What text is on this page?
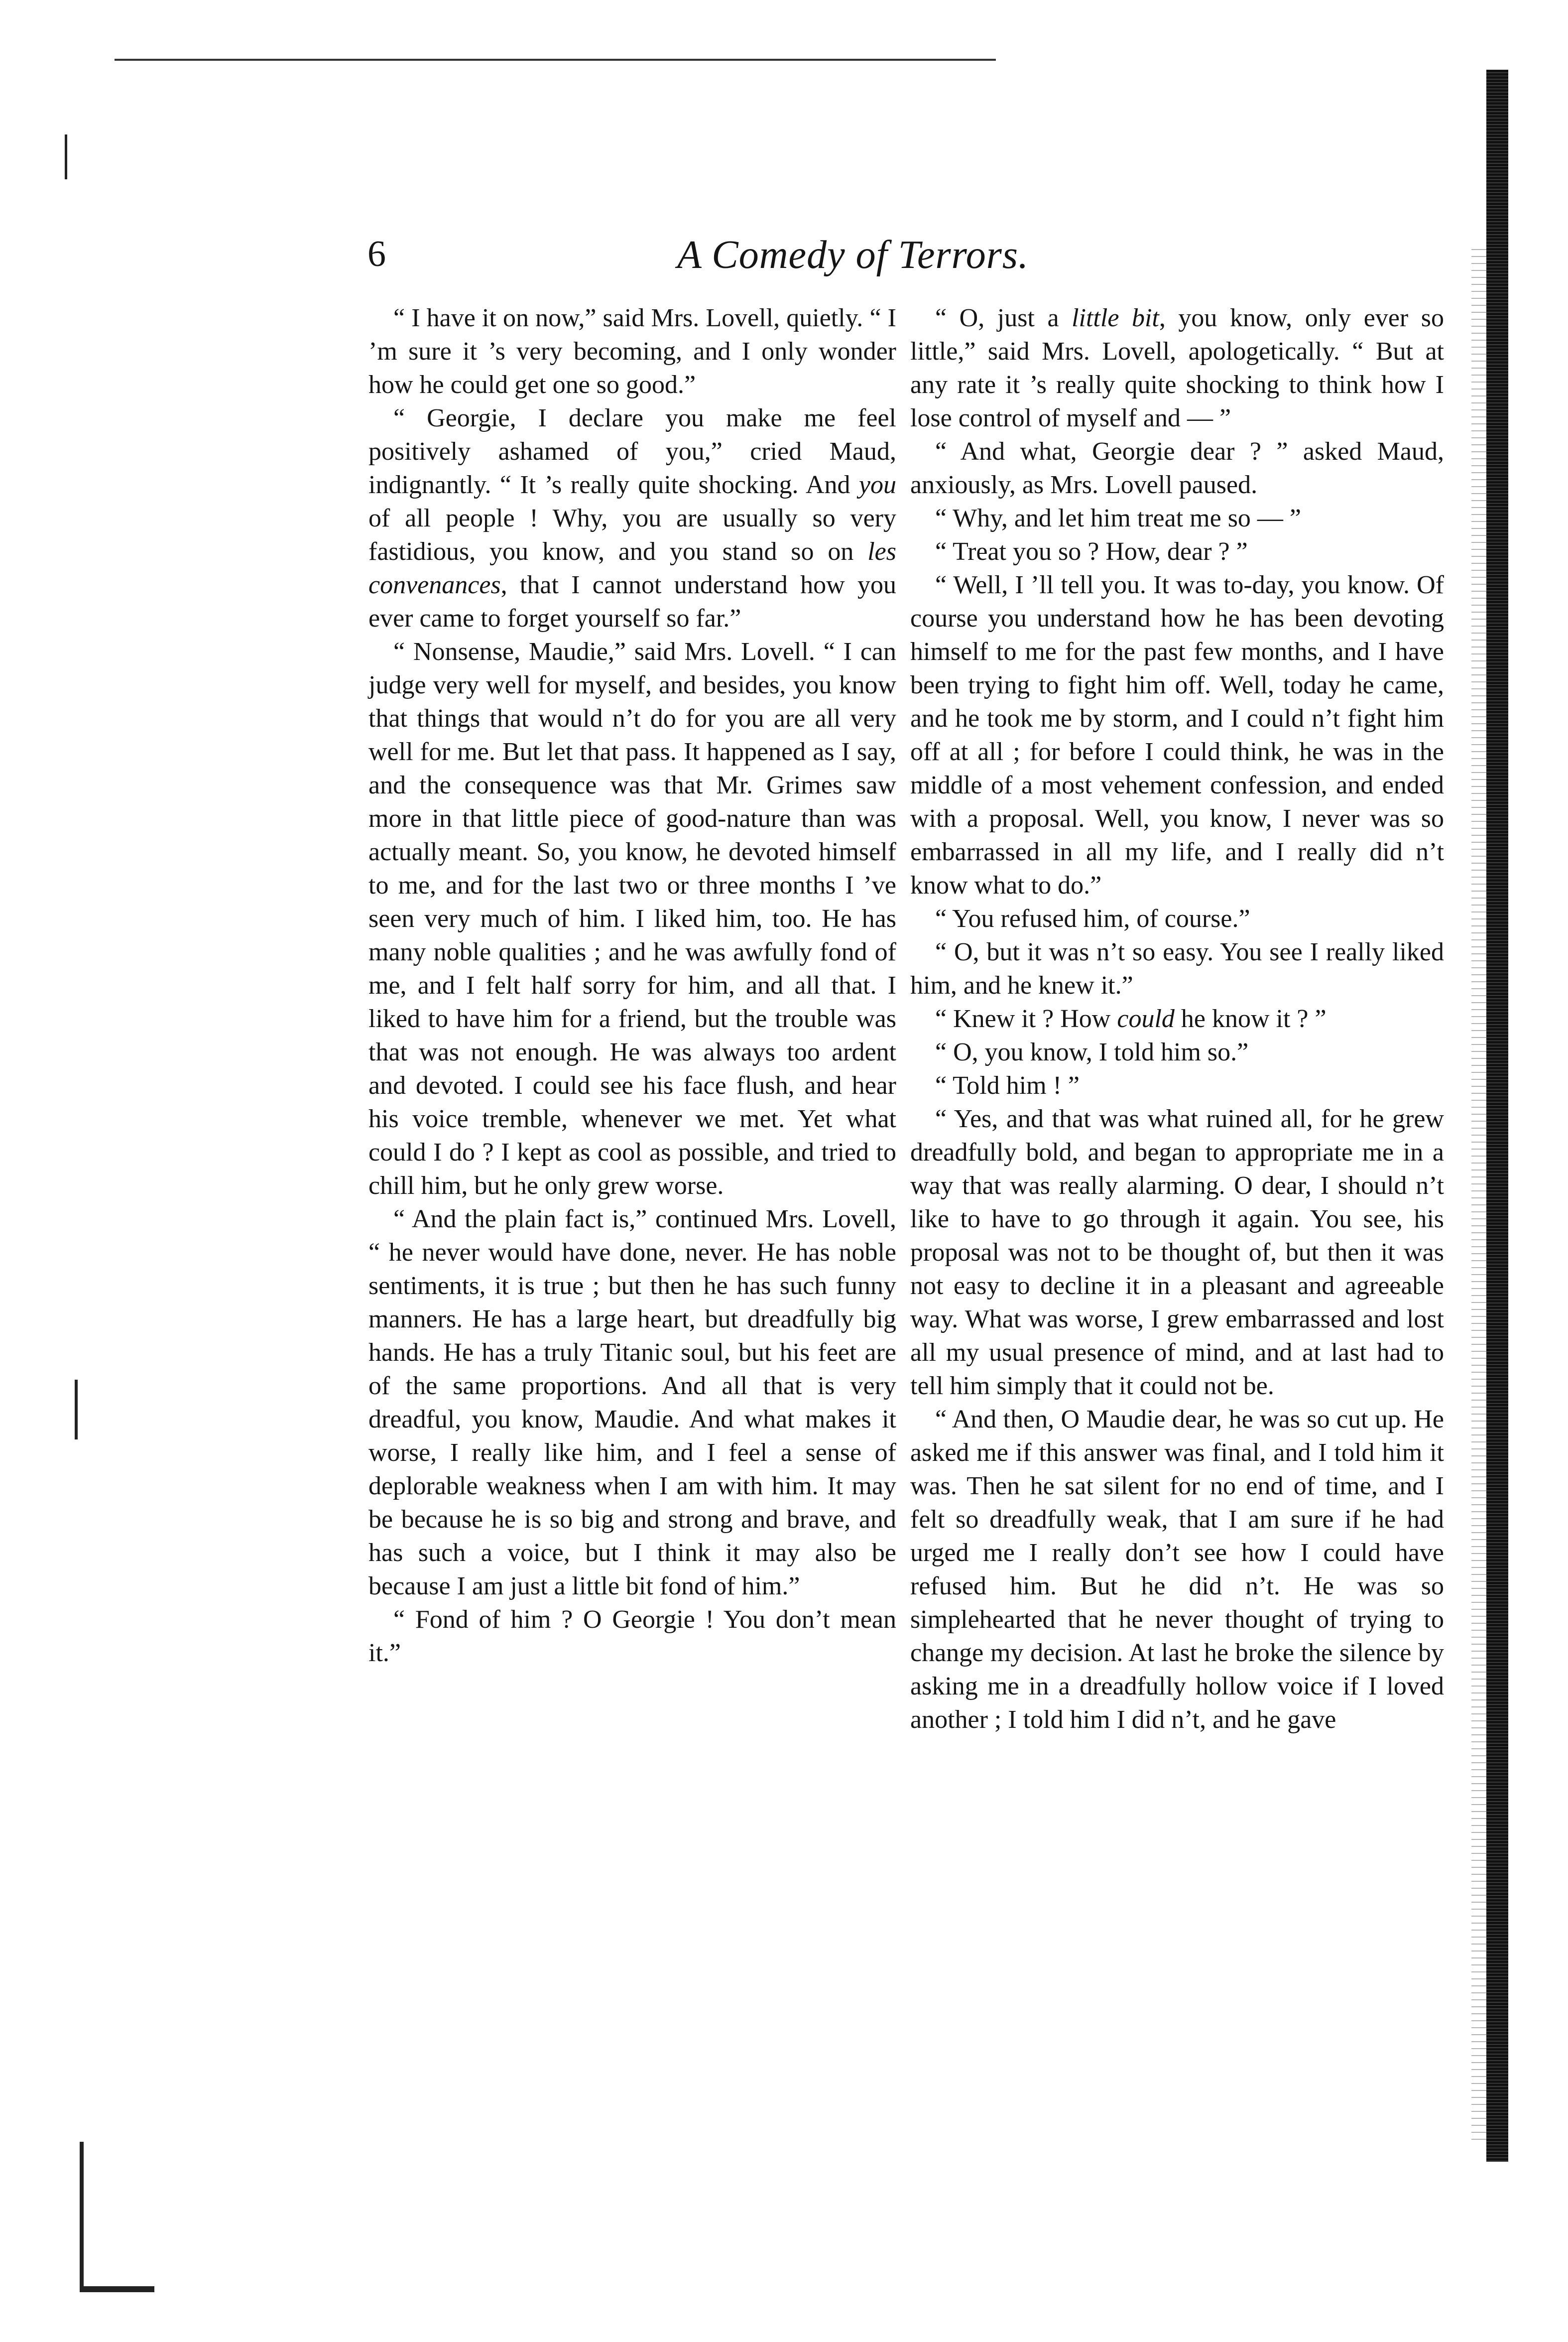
6	A Comedy of Terrors.

“ I have it on now,” said Mrs. Lovell, quietly. “ I ’m sure it ’s very becoming, and I only wonder how he could get one so good.”

“ Georgie, I declare you make me feel positively ashamed of you,” cried Maud, indignantly. “ It ’s really quite shocking. And you of all people ! Why, you are usually so very fastidious, you know, and you stand so on les convenances, that I cannot understand how you ever came to forget yourself so far.”

“ Nonsense, Maudie,” said Mrs. Lovell. “ I can judge very well for myself, and besides, you know that things that would n’t do for you are all very well for me. But let that pass. It happened as I say, and the consequence was that Mr. Grimes saw more in that little piece of good-nature than was actually meant. So, you know, he devoted himself to me, and for the last two or three months I ’ve seen very much of him. I liked him, too. He has many noble qualities ; and he was awfully fond of me, and I felt half sorry for him, and all that. I liked to have him for a friend, but the trouble was that was not enough. He was always too ardent and devoted. I could see his face flush, and hear his voice tremble, whenever we met. Yet what could I do ? I kept as cool as possible, and tried to chill him, but he only grew worse.

“ And the plain fact is,” continued Mrs. Lovell, “ he never would have done, never. He has noble sentiments, it is true ; but then he has such funny manners. He has a large heart, but dreadfully big hands. He has a truly Titanic soul, but his feet are of the same proportions. And all that is very dreadful, you know, Maudie. And what makes it worse, I really like him, and I feel a sense of deplorable weakness when I am with him. It may be because he is so big and strong and brave, and has such a voice, but I think it may also be because I am just a little bit fond of him.”

“ Fond of him ? O Georgie ! You don’t mean it.”

“ O, just a little bit, you know, only ever so little,” said Mrs. Lovell, apologetically. “ But at any rate it ’s really quite shocking to think how I lose control of myself and — ”

“ And what, Georgie dear ? ” asked Maud, anxiously, as Mrs. Lovell paused.

“ Why, and let him treat me so — ”

“ Treat you so ? How, dear ? ”

“ Well, I ’ll tell you. It was to-day, you know. Of course you understand how he has been devoting himself to me for the past few months, and I have been trying to fight him off. Well, today he came, and he took me by storm, and I could n’t fight him off at all ; for before I could think, he was in the middle of a most vehement confession, and ended with a proposal. Well, you know, I never was so embarrassed in all my life, and I really did n’t know what to do.”

“ You refused him, of course.”

“ O, but it was n’t so easy. You see I really liked him, and he knew it.”

“ Knew it ? How could he know it ? ”

“ O, you know, I told him so.”

“ Told him ! ”

“ Yes, and that was what ruined all, for he grew dreadfully bold, and began to appropriate me in a way that was really alarming. O dear, I should n’t like to have to go through it again. You see, his proposal was not to be thought of, but then it was not easy to decline it in a pleasant and agreeable way. What was worse, I grew embarrassed and lost all my usual presence of mind, and at last had to tell him simply that it could not be.

“ And then, O Maudie dear, he was so cut up. He asked me if this answer was final, and I told him it was. Then he sat silent for no end of time, and I felt so dreadfully weak, that I am sure if he had urged me I really don’t see how I could have refused him. But he did n’t. He was so simplehearted that he never thought of trying to change my decision. At last he broke the silence by asking me in a dreadfully hollow voice if I loved another ; I told him I did n’t, and he gave
